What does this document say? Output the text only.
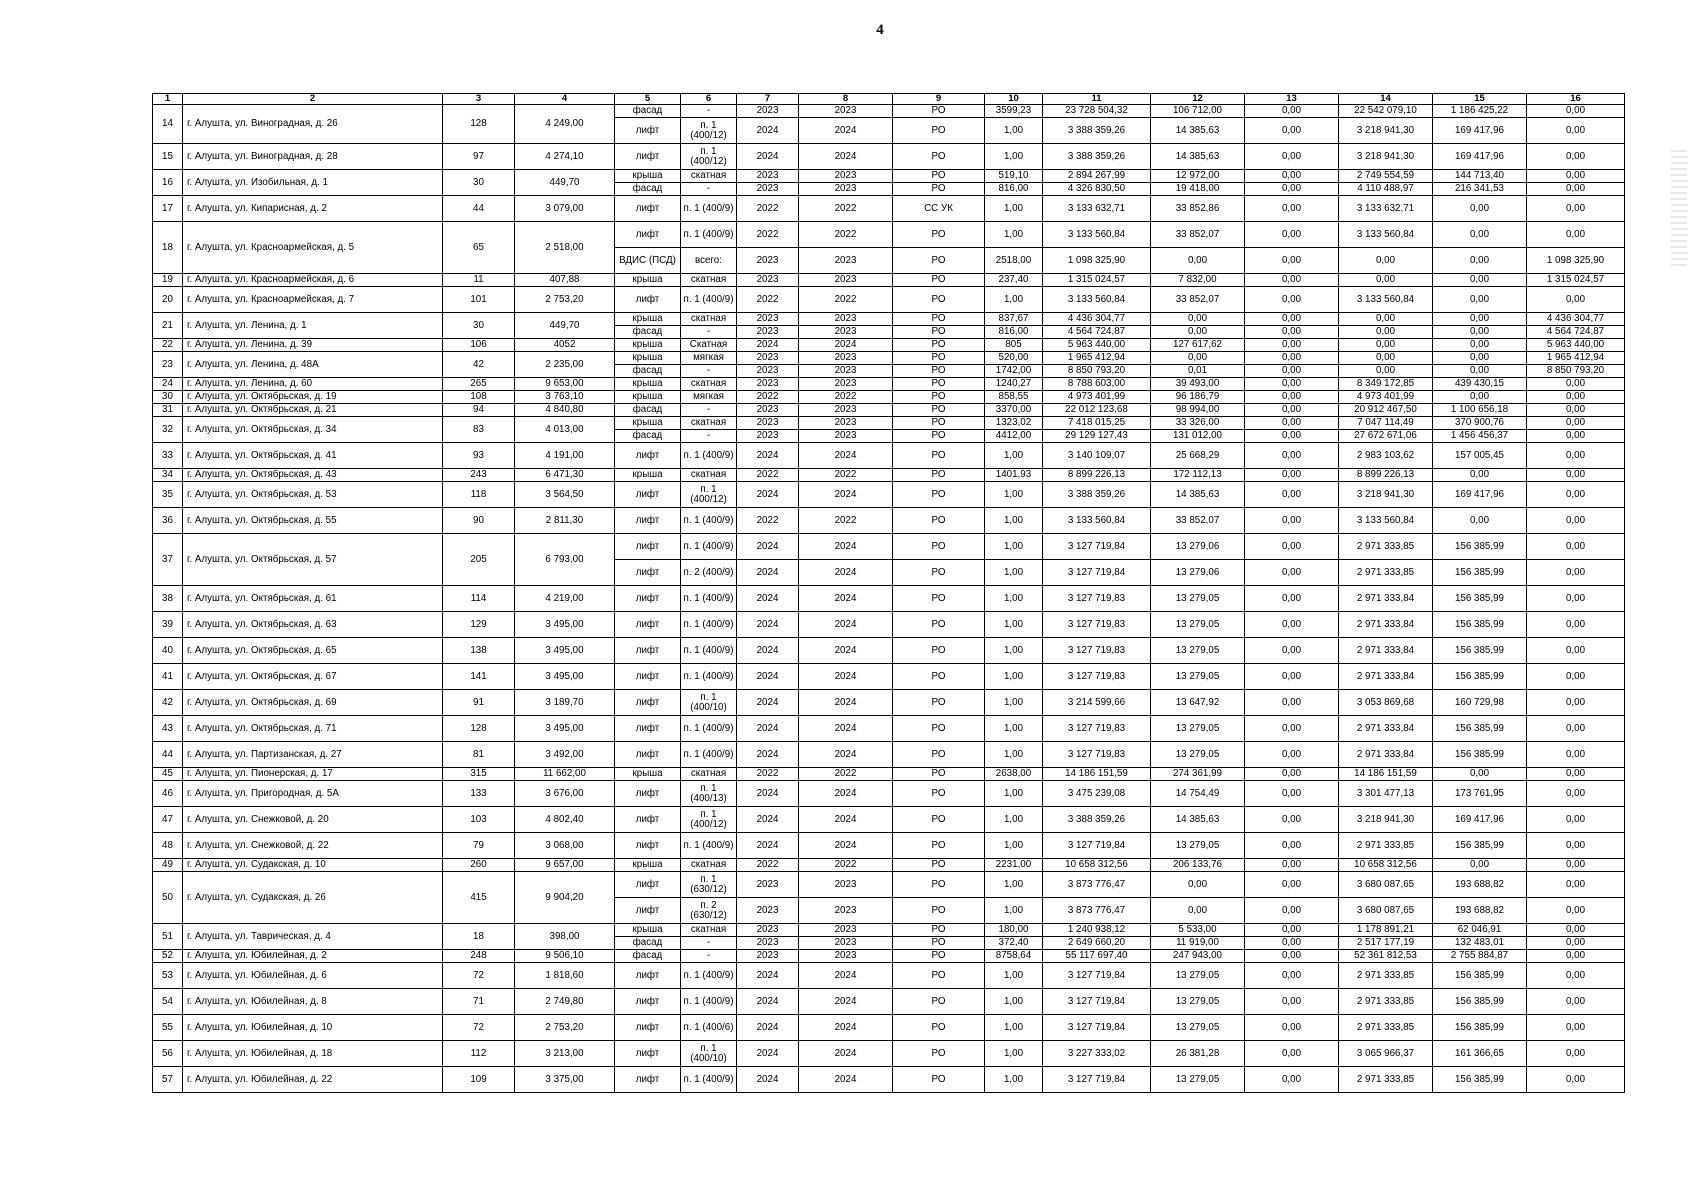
4
1	2	3	4	5	6	7	8	9	10	11	12	13	14	15	16
14	г. Алушта, ул. Виноградная, д. 26	128	4 249,00	фасад	-	2023	2023	РО	3599,23	23 728 504,32	106 712,00	0,00	22 542 079,10	1 186 425,22	0,00
				лифт	п. 1 (400/12)	2024	2024	РО	1,00	3 388 359,26	14 385,63	0,00	3 218 941,30	169 417,96	0,00
15	г. Алушта, ул. Виноградная, д. 28	97	4 274,10	лифт	п. 1 (400/12)	2024	2024	РО	1,00	3 388 359,26	14 385,63	0,00	3 218 941,30	169 417,96	0,00
16	г. Алушта, ул. Изобильная, д. 1	30	449,70	крыша	скатная	2023	2023	РО	519,10	2 894 267,99	12 972,00	0,00	2 749 554,59	144 713,40	0,00
				фасад	-	2023	2023	РО	816,00	4 326 830,50	19 418,00	0,00	4 110 488,97	216 341,53	0,00
17	г. Алушта, ул. Кипарисная, д. 2	44	3 079,00	лифт	п. 1 (400/9)	2022	2022	СС УК	1,00	3 133 632,71	33 852,86	0,00	3 133 632,71	0,00	0,00
18	г. Алушта, ул. Красноармейская, д. 5	65	2 518,00	лифт	п. 1 (400/9)	2022	2022	РО	1,00	3 133 560,84	33 852,07	0,00	3 133 560,84	0,00	0,00
				ВДИС (ПСД)	всего:	2023	2023	РО	2518,00	1 098 325,90	0,00	0,00	0,00	0,00	1 098 325,90
19	г. Алушта, ул. Красноармейская, д. 6	11	407,88	крыша	скатная	2023	2023	РО	237,40	1 315 024,57	7 832,00	0,00	0,00	0,00	1 315 024,57
20	г. Алушта, ул. Красноармейская, д. 7	101	2 753,20	лифт	п. 1 (400/9)	2022	2022	РО	1,00	3 133 560,84	33 852,07	0,00	3 133 560,84	0,00	0,00
21	г. Алушта, ул. Ленина, д. 1	30	449,70	крыша	скатная	2023	2023	РО	837,67	4 436 304,77	0,00	0,00	0,00	0,00	4 436 304,77
				фасад	-	2023	2023	РО	816,00	4 564 724,87	0,00	0,00	0,00	0,00	4 564 724,87
22	г. Алушта, ул. Ленина, д. 39	106	4052	крыша	Скатная	2024	2024	РО	805	5 963 440,00	127 617,62	0,00	0,00	0,00	5 963 440,00
23	г. Алушта, ул. Ленина, д. 48А	42	2 235,00	крыша	мягкая	2023	2023	РО	520,00	1 965 412,94	0,00	0,00	0,00	0,00	1 965 412,94
				фасад	-	2023	2023	РО	1742,00	8 850 793,20	0,01	0,00	0,00	0,00	8 850 793,20
24	г. Алушта, ул. Ленина, д. 60	265	9 653,00	крыша	скатная	2023	2023	РО	1240,27	8 788 603,00	39 493,00	0,00	8 349 172,85	439 430,15	0,00
30	г. Алушта, ул. Октябрьская, д. 19	108	3 763,10	крыша	мягкая	2022	2022	РО	858,55	4 973 401,99	96 186,79	0,00	4 973 401,99	0,00	0,00
31	г. Алушта, ул. Октябрьская, д. 21	94	4 840,80	фасад	-	2023	2023	РО	3370,00	22 012 123,68	98 994,00	0,00	20 912 467,50	1 100 656,18	0,00
32	г. Алушта, ул. Октябрьская, д. 34	83	4 013,00	крыша	скатная	2023	2023	РО	1323,02	7 418 015,25	33 326,00	0,00	7 047 114,49	370 900,76	0,00
				фасад	-	2023	2023	РО	4412,00	29 129 127,43	131 012,00	0,00	27 672 671,06	1 456 456,37	0,00
33	г. Алушта, ул. Октябрьская, д. 41	93	4 191,00	лифт	п. 1 (400/9)	2024	2024	РО	1,00	3 140 109,07	25 668,29	0,00	2 983 103,62	157 005,45	0,00
34	г. Алушта, ул. Октябрьская, д. 43	243	6 471,30	крыша	скатная	2022	2022	РО	1401,93	8 899 226,13	172 112,13	0,00	8 899 226,13	0,00	0,00
35	г. Алушта, ул. Октябрьская, д. 53	118	3 564,50	лифт	п. 1 (400/12)	2024	2024	РО	1,00	3 388 359,26	14 385,63	0,00	3 218 941,30	169 417,96	0,00
36	г. Алушта, ул. Октябрьская, д. 55	90	2 811,30	лифт	п. 1 (400/9)	2022	2022	РО	1,00	3 133 560,84	33 852,07	0,00	3 133 560,84	0,00	0,00
37	г. Алушта, ул. Октябрьская, д. 57	205	6 793,00	лифт	п. 1 (400/9)	2024	2024	РО	1,00	3 127 719,84	13 279,06	0,00	2 971 333,85	156 385,99	0,00
				лифт	п. 2 (400/9)	2024	2024	РО	1,00	3 127 719,84	13 279,06	0,00	2 971 333,85	156 385,99	0,00
38	г. Алушта, ул. Октябрьская, д. 61	114	4 219,00	лифт	п. 1 (400/9)	2024	2024	РО	1,00	3 127 719,83	13 279,05	0,00	2 971 333,84	156 385,99	0,00
39	г. Алушта, ул. Октябрьская, д. 63	129	3 495,00	лифт	п. 1 (400/9)	2024	2024	РО	1,00	3 127 719,83	13 279,05	0,00	2 971 333,84	156 385,99	0,00
40	г. Алушта, ул. Октябрьская, д. 65	138	3 495,00	лифт	п. 1 (400/9)	2024	2024	РО	1,00	3 127 719,83	13 279,05	0,00	2 971 333,84	156 385,99	0,00
41	г. Алушта, ул. Октябрьская, д. 67	141	3 495,00	лифт	п. 1 (400/9)	2024	2024	РО	1,00	3 127 719,83	13 279,05	0,00	2 971 333,84	156 385,99	0,00
42	г. Алушта, ул. Октябрьская, д. 69	91	3 189,70	лифт	п. 1 (400/10)	2024	2024	РО	1,00	3 214 599,66	13 647,92	0,00	3 053 869,68	160 729,98	0,00
43	г. Алушта, ул. Октябрьская, д. 71	128	3 495,00	лифт	п. 1 (400/9)	2024	2024	РО	1,00	3 127 719,83	13 279,05	0,00	2 971 333,84	156 385,99	0,00
44	г. Алушта, ул. Партизанская, д. 27	81	3 492,00	лифт	п. 1 (400/9)	2024	2024	РО	1,00	3 127 719,83	13 279,05	0,00	2 971 333,84	156 385,99	0,00
45	г. Алушта, ул. Пионерская, д. 17	315	11 662,00	крыша	скатная	2022	2022	РО	2638,00	14 186 151,59	274 361,99	0,00	14 186 151,59	0,00	0,00
46	г. Алушта, ул. Пригородная, д. 5А	133	3 676,00	лифт	п. 1 (400/13)	2024	2024	РО	1,00	3 475 239,08	14 754,49	0,00	3 301 477,13	173 761,95	0,00
47	г. Алушта, ул. Снежковой, д. 20	103	4 802,40	лифт	п. 1 (400/12)	2024	2024	РО	1,00	3 388 359,26	14 385,63	0,00	3 218 941,30	169 417,96	0,00
48	г. Алушта, ул. Снежковой, д. 22	79	3 068,00	лифт	п. 1 (400/9)	2024	2024	РО	1,00	3 127 719,84	13 279,05	0,00	2 971 333,85	156 385,99	0,00
49	г. Алушта, ул. Судакская, д. 10	260	9 657,00	крыша	скатная	2022	2022	РО	2231,00	10 658 312,56	206 133,76	0,00	10 658 312,56	0,00	0,00
50	г. Алушта, ул. Судакская, д. 26	415	9 904,20	лифт	п. 1 (630/12)	2023	2023	РО	1,00	3 873 776,47	0,00	0,00	3 680 087,65	193 688,82	0,00
				лифт	п. 2 (630/12)	2023	2023	РО	1,00	3 873 776,47	0,00	0,00	3 680 087,65	193 688,82	0,00
51	г. Алушта, ул. Таврическая, д. 4	18	398,00	крыша	скатная	2023	2023	РО	180,00	1 240 938,12	5 533,00	0,00	1 178 891,21	62 046,91	0,00
				фасад	-	2023	2023	РО	372,40	2 649 660,20	11 919,00	0,00	2 517 177,19	132 483,01	0,00
52	г. Алушта, ул. Юбилейная, д. 2	248	9 506,10	фасад	-	2023	2023	РО	8758,64	55 117 697,40	247 943,00	0,00	52 361 812,53	2 755 884,87	0,00
53	г. Алушта, ул. Юбилейная, д. 6	72	1 818,60	лифт	п. 1 (400/9)	2024	2024	РО	1,00	3 127 719,84	13 279,05	0,00	2 971 333,85	156 385,99	0,00
54	г. Алушта, ул. Юбилейная, д. 8	71	2 749,80	лифт	п. 1 (400/9)	2024	2024	РО	1,00	3 127 719,84	13 279,05	0,00	2 971 333,85	156 385,99	0,00
55	г. Алушта, ул. Юбилейная, д. 10	72	2 753,20	лифт	п. 1 (400/6)	2024	2024	РО	1,00	3 127 719,84	13 279,05	0,00	2 971 333,85	156 385,99	0,00
56	г. Алушта, ул. Юбилейная, д. 18	112	3 213,00	лифт	п. 1 (400/10)	2024	2024	РО	1,00	3 227 333,02	26 381,28	0,00	3 065 966,37	161 366,65	0,00
57	г. Алушта, ул. Юбилейная, д. 22	109	3 375,00	лифт	п. 1 (400/9)	2024	2024	РО	1,00	3 127 719,84	13 279,05	0,00	2 971 333,85	156 385,99	0,00
